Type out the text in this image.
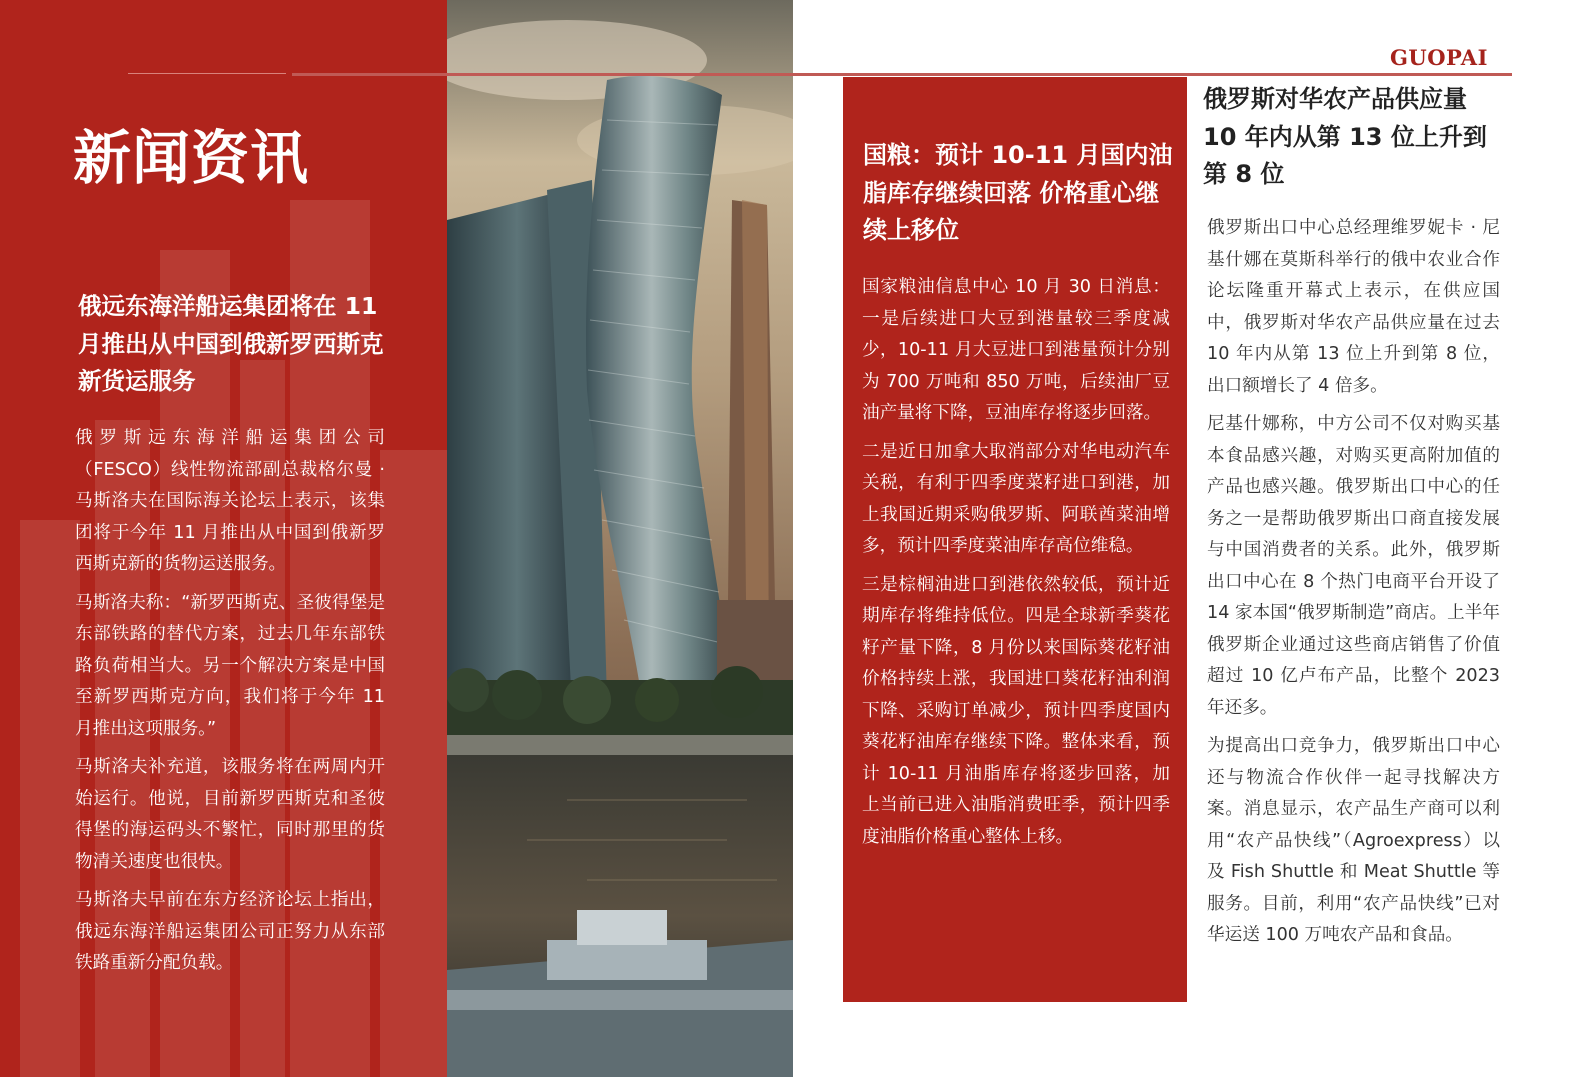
新闻资讯
俄远东海洋船运集团将在 11 月推出从中国到俄新罗西斯克新货运服务

俄罗斯远东海洋船运集团公司（FESCO）线性物流部副总裁格尔曼 · 马斯洛夫在国际海关论坛上表示，该集团将于今年 11 月推出从中国到俄新罗西斯克新的货物运送服务。

马斯洛夫称：“新罗西斯克、圣彼得堡是东部铁路的替代方案，过去几年东部铁路负荷相当大。另一个解决方案是中国至新罗西斯克方向，我们将于今年 11 月推出这项服务。”

马斯洛夫补充道，该服务将在两周内开始运行。他说，目前新罗西斯克和圣彼得堡的海运码头不繁忙，同时那里的货物清关速度也很快。

马斯洛夫早前在东方经济论坛上指出，俄远东海洋船运集团公司正努力从东部铁路重新分配负载。

GUOPAI
国粮：预计 10-11 月国内油脂库存继续回落 价格重心继续上移位

国家粮油信息中心 10 月 30 日消息：一是后续进口大豆到港量较三季度减少，10-11 月大豆进口到港量预计分别为 700 万吨和 850 万吨，后续油厂豆油产量将下降，豆油库存将逐步回落。

二是近日加拿大取消部分对华电动汽车关税，有利于四季度菜籽进口到港，加上我国近期采购俄罗斯、阿联酋菜油增多，预计四季度菜油库存高位维稳。

三是棕榈油进口到港依然较低，预计近期库存将维持低位。四是全球新季葵花籽产量下降，8 月份以来国际葵花籽油价格持续上涨，我国进口葵花籽油利润下降、采购订单减少，预计四季度国内葵花籽油库存继续下降。整体来看，预计 10-11 月油脂库存将逐步回落，加上当前已进入油脂消费旺季，预计四季度油脂价格重心整体上移。

俄罗斯对华农产品供应量 10 年内从第 13 位上升到第 8 位

俄罗斯出口中心总经理维罗妮卡 · 尼基什娜在莫斯科举行的俄中农业合作论坛隆重开幕式上表示，在供应国中，俄罗斯对华农产品供应量在过去 10 年内从第 13 位上升到第 8 位，出口额增长了 4 倍多。

尼基什娜称，中方公司不仅对购买基本食品感兴趣，对购买更高附加值的产品也感兴趣。俄罗斯出口中心的任务之一是帮助俄罗斯出口商直接发展与中国消费者的关系。此外，俄罗斯出口中心在 8 个热门电商平台开设了 14 家本国“俄罗斯制造”商店。上半年俄罗斯企业通过这些商店销售了价值超过 10 亿卢布产品，比整个 2023 年还多。

为提高出口竞争力，俄罗斯出口中心还与物流合作伙伴一起寻找解决方案。消息显示，农产品生产商可以利用“农产品快线”（Agroexpress）以及 Fish Shuttle 和 Meat Shuttle 等服务。目前，利用“农产品快线”已对华运送 100 万吨农产品和食品。
